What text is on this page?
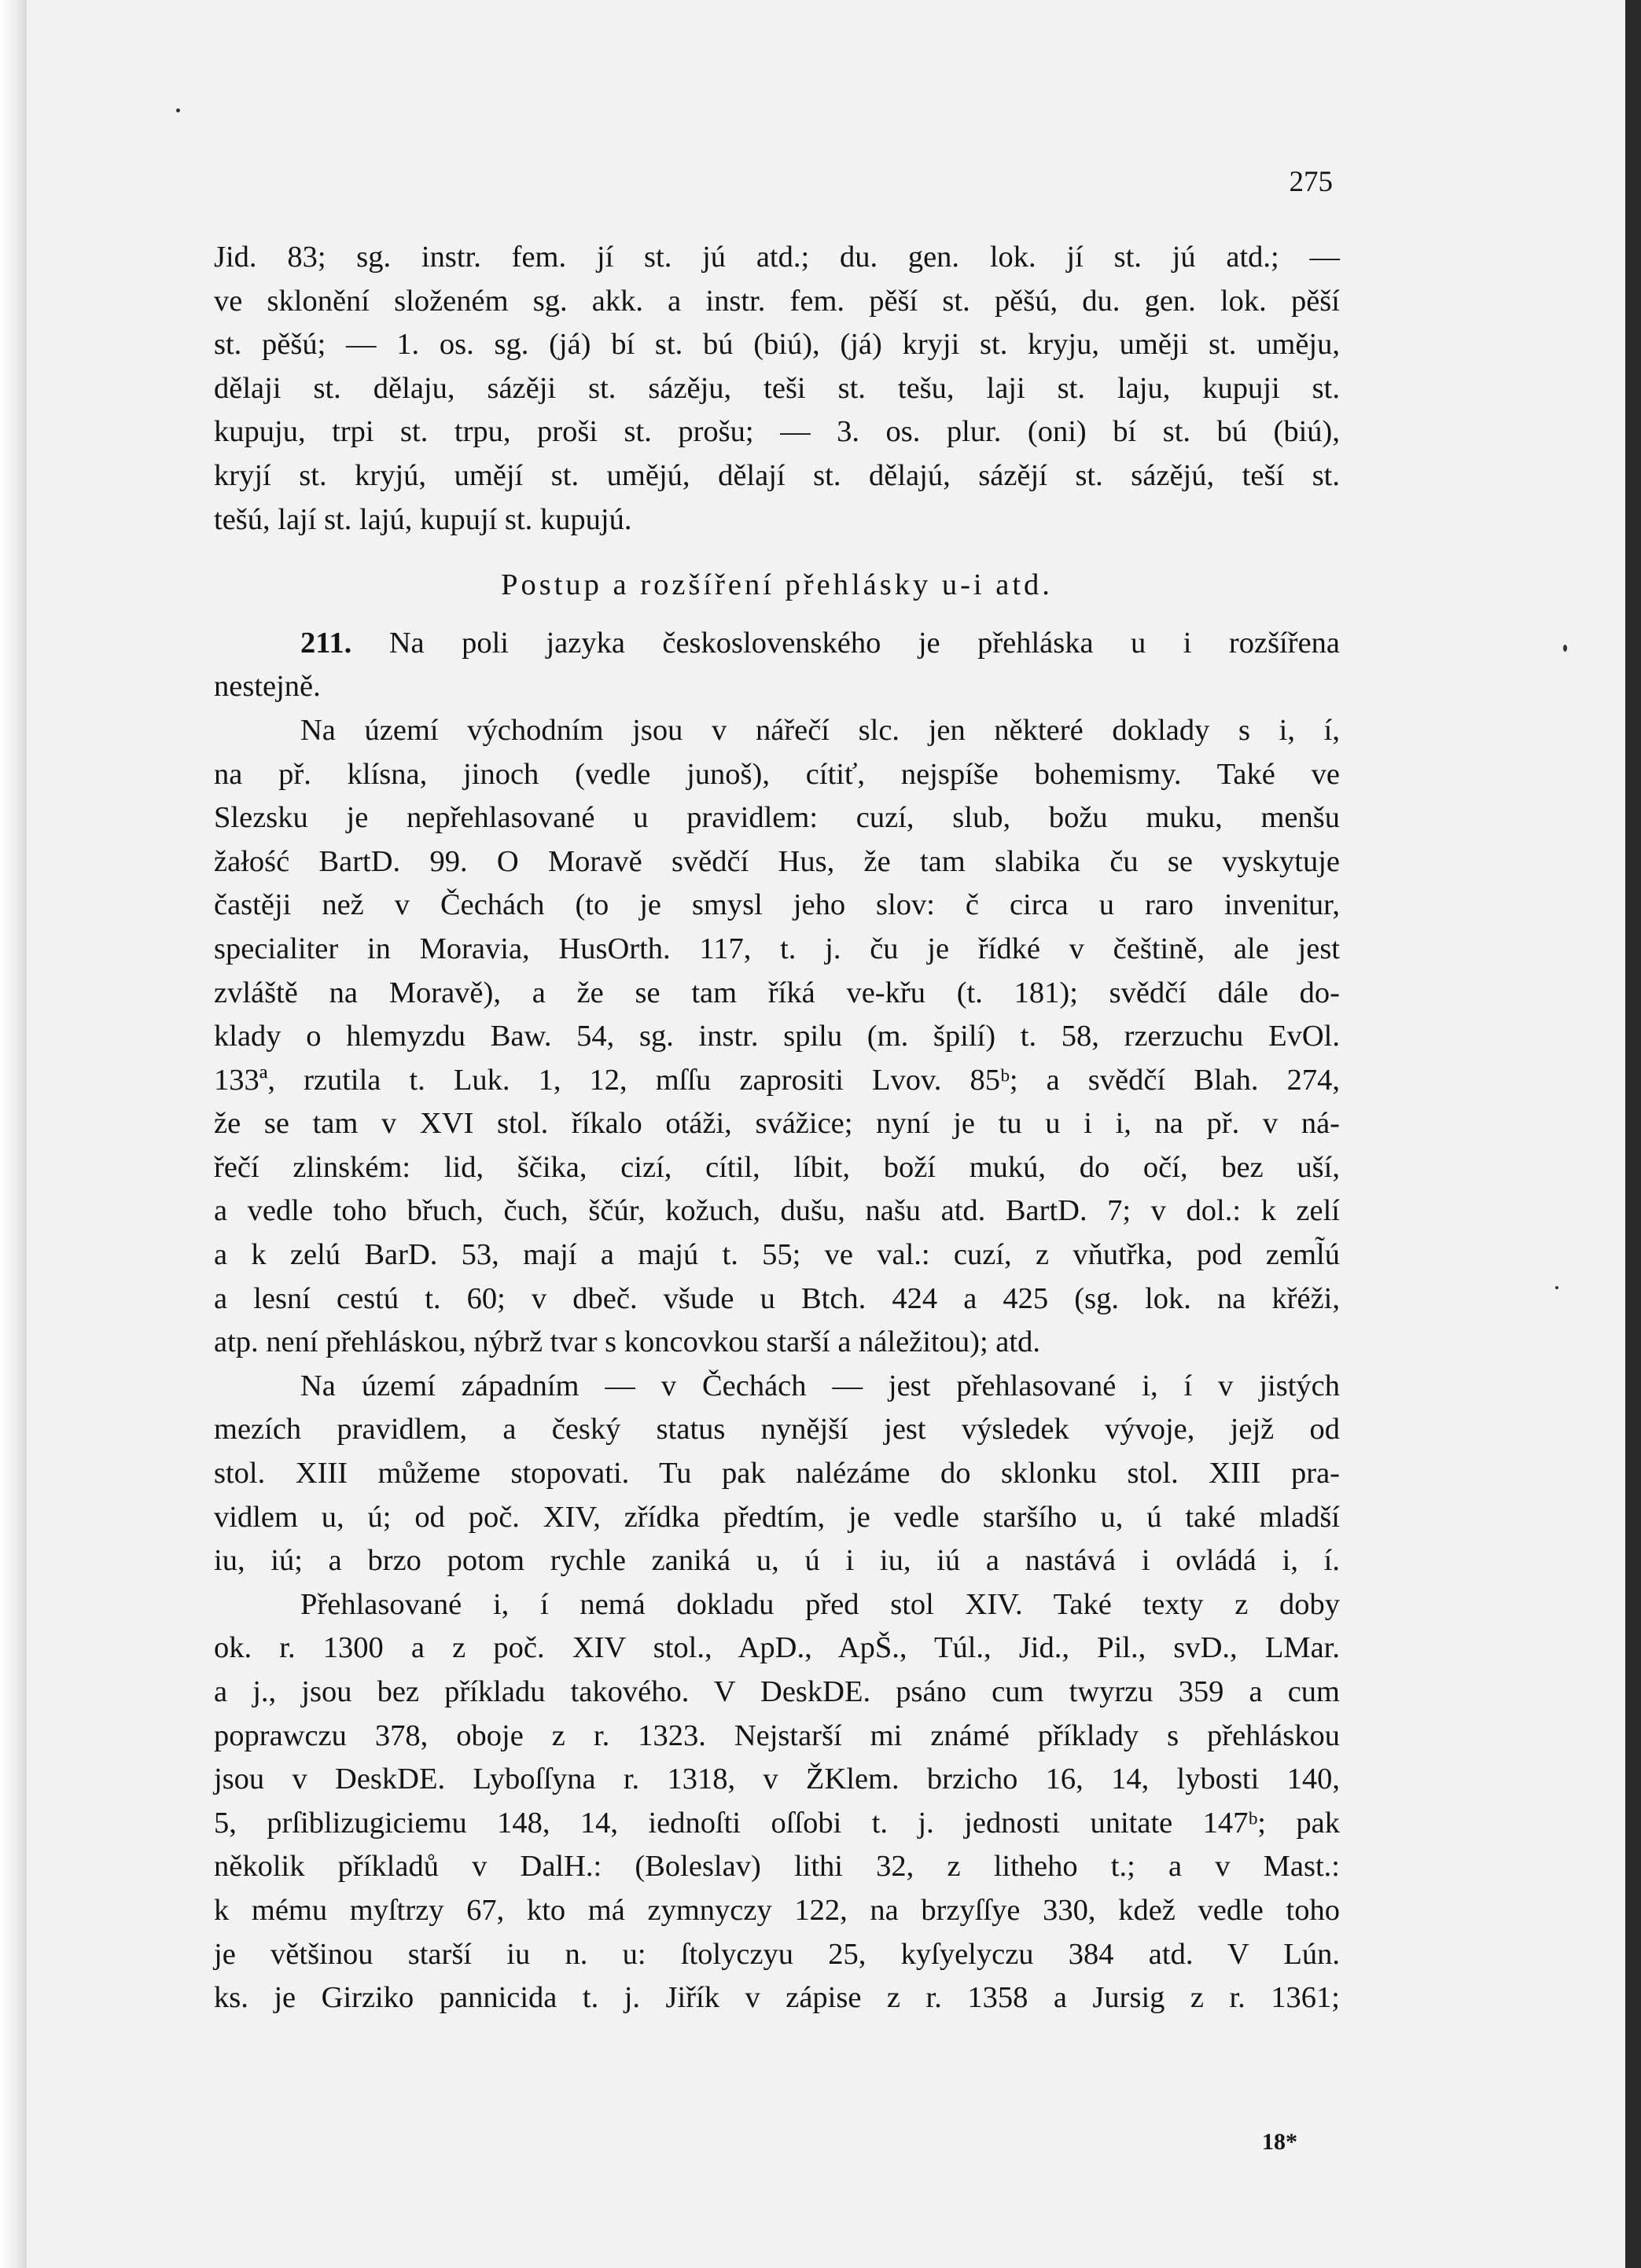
275
Jid. 83; sg. instr. fem. jí st. jú atd.; du. gen. lok. jí st. jú atd.; —
ve sklonění složeném sg. akk. a instr. fem. pěší st. pěšú, du. gen. lok. pěší
st. pěšú; — 1. os. sg. (já) bí st. bú (biú), (já) kryji st. kryju, uměji st. uměju,
dělaji st. dělaju, sázěji st. sázěju, teši st. tešu, laji st. laju, kupuji st.
kupuju, trpi st. trpu, proši st. prošu; — 3. os. plur. (oni) bí st. bú (biú),
kryjí st. kryjú, umějí st. umějú, dělají st. dělajú, sázějí st. sázějú, teší st.
tešú, lají st. lajú, kupují st. kupujú.
Postup a rozšíření přehlásky u-i atd.
211. Na poli jazyka československého je přehláska u i rozšířena
nestejně.
Na území východním jsou v nářečí slc. jen některé doklady s i, í,
na př. klísna, jinoch (vedle junoš), cítiť, nejspíše bohemismy. Také ve
Slezsku je nepřehlasované u pravidlem: cuzí, slub, božu muku, menšu
žałość BartD. 99. O Moravě svědčí Hus, že tam slabika ču se vyskytuje
častěji než v Čechách (to je smysl jeho slov: č circa u raro invenitur,
specialiter in Moravia, HusOrth. 117, t. j. ču je řídké v češtině, ale jest
zvláště na Moravě), a že se tam říká ve-křu (t. 181); svědčí dále do-
klady o hlemyzdu Baw. 54, sg. instr. spilu (m. špilí) t. 58, rzerzuchu EvOl.
133ª, rzutila t. Luk. 1, 12, mſſu zaprositi Lvov. 85ᵇ; a svědčí Blah. 274,
že se tam v XVI stol. říkalo otáži, svážice; nyní je tu u i i, na př. v ná-
řečí zlinském: lid, ščika, cizí, cítil, líbit, boží mukú, do očí, bez uší,
a vedle toho břuch, čuch, ščúr, kožuch, dušu, našu atd. BartD. 7; v dol.: k zelí
a k zelú BarD. 53, mají a majú t. 55; ve val.: cuzí, z vňutřka, pod zeml̃ú
a lesní cestú t. 60; v dbeč. všude u Btch. 424 a 425 (sg. lok. na křéži,
atp. není přehláskou, nýbrž tvar s koncovkou starší a náležitou); atd.
Na území západním — v Čechách — jest přehlasované i, í v jistých
mezích pravidlem, a český status nynější jest výsledek vývoje, jejž od
stol. XIII můžeme stopovati. Tu pak nalézáme do sklonku stol. XIII pra-
vidlem u, ú; od poč. XIV, zřídka předtím, je vedle staršího u, ú také mladší
iu, iú; a brzo potom rychle zaniká u, ú i iu, iú a nastává i ovládá i, í.
Přehlasované i, í nemá dokladu před stol XIV. Také texty z doby
ok. r. 1300 a z poč. XIV stol., ApD., ApŠ., Túl., Jid., Pil., svD., LMar.
a j., jsou bez příkladu takového. V DeskDE. psáno cum twyrzu 359 a cum
poprawczu 378, oboje z r. 1323. Nejstarší mi známé příklady s přehláskou
jsou v DeskDE. Lyboſſyna r. 1318, v ŽKlem. brzicho 16, 14, lybosti 140,
5, prſiblizugiciemu 148, 14, iednoſti oſſobi t. j. jednosti unitate 147ᵇ; pak
několik příkladů v DalH.: (Boleslav) lithi 32, z litheho t.; a v Mast.:
k mému myſtrzy 67, kto má zymnyczy 122, na brzyſſye 330, kdež vedle toho
je většinou starší iu n. u: ſtolyczyu 25, kyſyelyczu 384 atd. V Lún.
ks. je Girziko pannicida t. j. Jiřík v zápise z r. 1358 a Jursig z r. 1361;
18*
